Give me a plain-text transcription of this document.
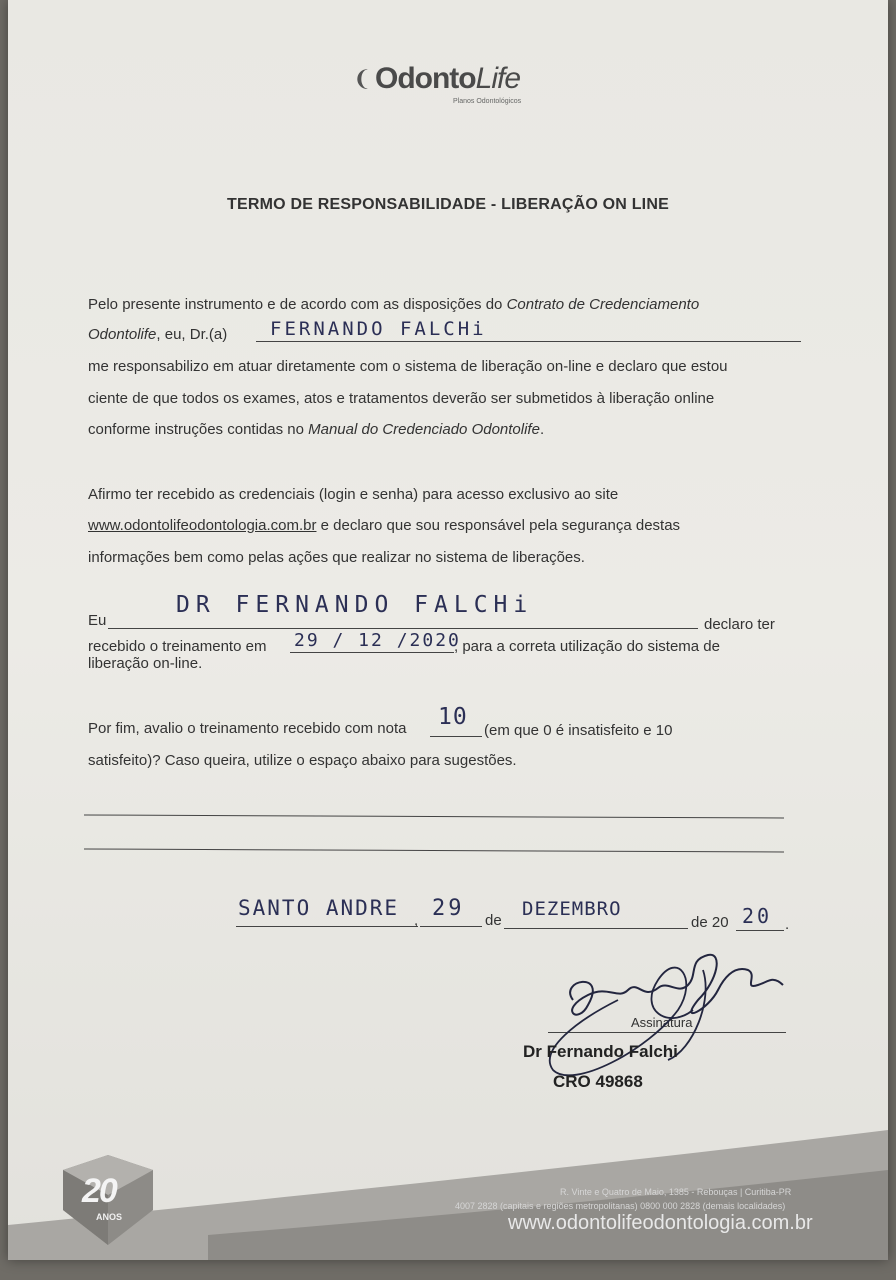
❨ OdontoLife
Planos Odontológicos
TERMO DE RESPONSABILIDADE - LIBERAÇÃO ON LINE
Pelo presente instrumento e de acordo com as disposições do Contrato de Credenciamento
Odontolife, eu, Dr.(a) FERNANDO FALCHi
me responsabilizo em atuar diretamente com o sistema de liberação on-line e declaro que estou
ciente de que todos os exames, atos e tratamentos deverão ser submetidos à liberação online
conforme instruções contidas no Manual do Credenciado Odontolife.
Afirmo ter recebido as credenciais (login e senha) para acesso exclusivo ao site
www.odontolifeodontologia.com.br e declaro que sou responsável pela segurança destas
informações bem como pelas ações que realizar no sistema de liberações.
Eu
DR FERNANDO FALCHi
declaro ter
recebido o treinamento em 29 / 12 /2020
, para a correta utilização do sistema de
liberação on-line.
Por fim, avalio o treinamento recebido com nota 10
(em que 0 é insatisfeito e 10
satisfeito)? Caso queira, utilize o espaço abaixo para sugestões.
SANTO ANDRE
, 29 de
DEZEMBRO
de 20 20 .
Assinatura
Dr Fernando Falchi
CRO 49868
20
ANOS
R. Vinte e Quatro de Maio, 1385 - Rebouças | Curitiba-PR
4007 2828 (capitais e regiões metropolitanas) 0800 000 2828 (demais localidades)
www.odontolifeodontologia.com.br
